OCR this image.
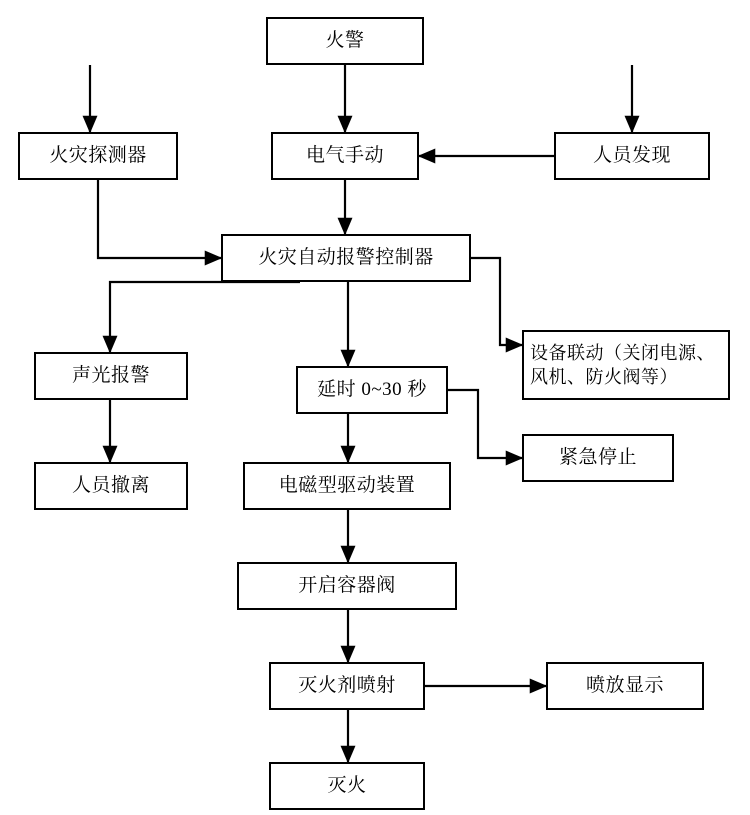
火警
火灾探测器	电气手动	人员发现
火灾自动报警控制器
设备联动（关闭电源、风机、防火阀等）
声光报警
延时 0~30 秒
紧急停止
人员撤离	电磁型驱动装置
开启容器阀
灭火剂喷射	喷放显示
灭火
